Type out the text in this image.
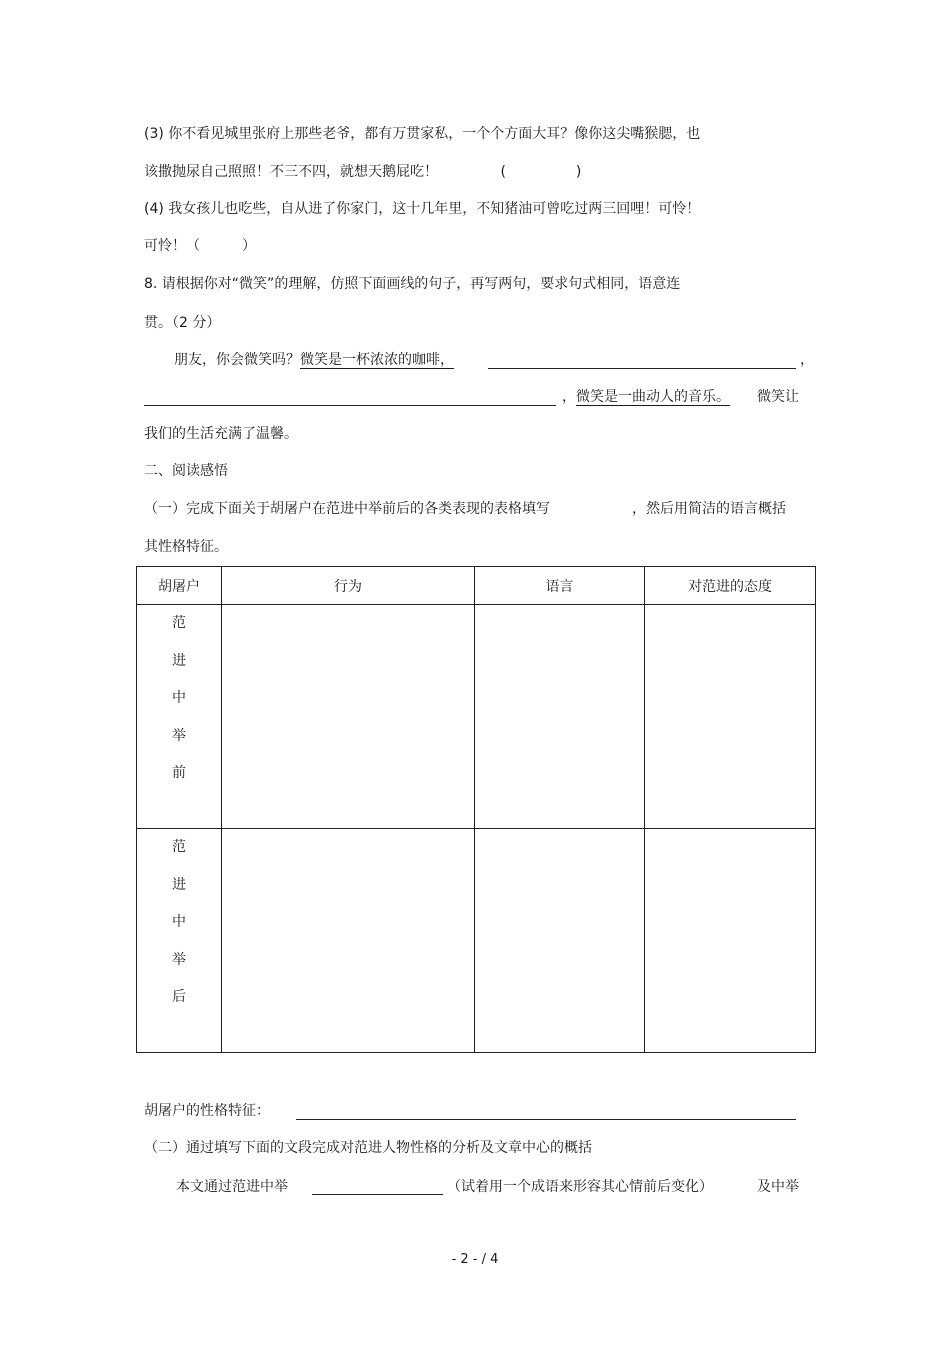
(3) 你不看见城里张府上那些老爷，都有万贯家私，一个个方面大耳？像你这尖嘴猴腮，也
该撒抛尿自己照照！不三不四，就想天鹅屁吃！	(　　　　　)
(4) 我女孩儿也吃些，自从进了你家门，这十几年里，不知猪油可曾吃过两三回哩！可怜！
可怜！（　　　）
8. 请根据你对“微笑”的理解，仿照下面画线的句子，再写两句，要求句式相同，语意连
贯。（2 分）
朋友，你会微笑吗？微笑是一杯浓浓的咖啡，	，
，微笑是一曲动人的音乐。 微笑让
我们的生活充满了温馨。
二、阅读感悟
（一）完成下面关于胡屠户在范进中举前后的各类表现的表格填写	，然后用简洁的语言概括
其性格特征。
胡屠户	行为	语言	对范进的态度

范
进
中
举
前			

范
进
中
举
后			

胡屠户的性格特征：
（二）通过填写下面的文段完成对范进人物性格的分析及文章中心的概括
本文通过范进中举	（试着用一个成语来形容其心情前后变化）	及中举
- 2 - / 4
